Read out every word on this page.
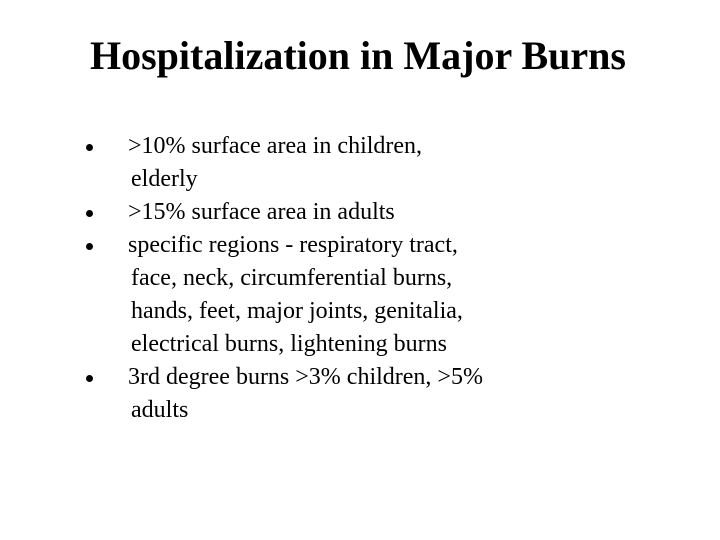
Hospitalization in Major Burns
>10% surface area in children,
elderly
>15% surface area in adults
specific regions - respiratory tract,
face, neck, circumferential burns,
hands, feet, major joints, genitalia,
electrical burns, lightening burns
3rd degree burns >3% children, >5%
adults
